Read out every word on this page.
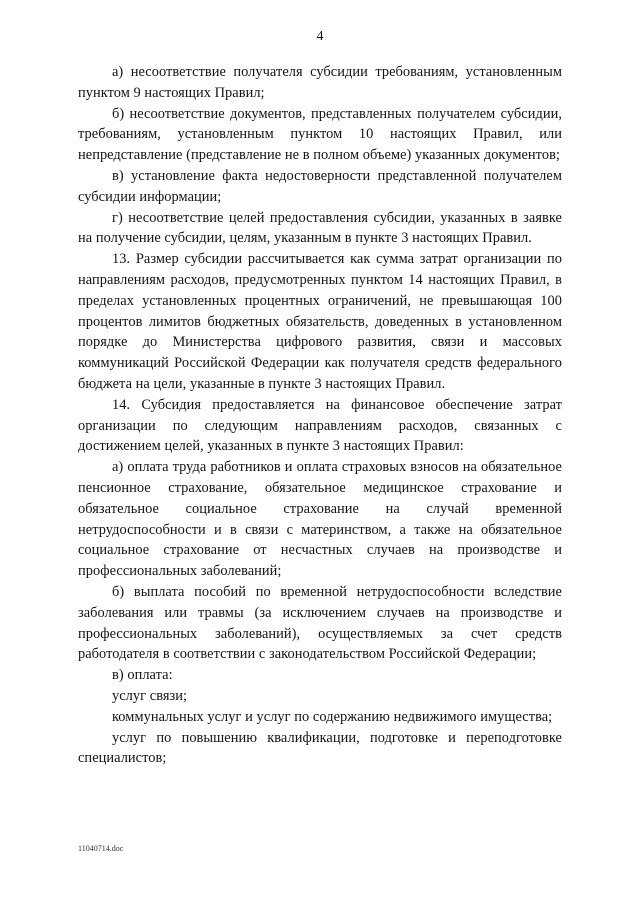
4

а) несоответствие получателя субсидии требованиям, установленным пунктом 9 настоящих Правил;

б) несоответствие документов, представленных получателем субсидии, требованиям, установленным пунктом 10 настоящих Правил, или непредставление (представление не в полном объеме) указанных документов;

в) установление факта недостоверности представленной получателем субсидии информации;

г) несоответствие целей предоставления субсидии, указанных в заявке на получение субсидии, целям, указанным в пункте 3 настоящих Правил.

13. Размер субсидии рассчитывается как сумма затрат организации по направлениям расходов, предусмотренных пунктом 14 настоящих Правил, в пределах установленных процентных ограничений, не превышающая 100 процентов лимитов бюджетных обязательств, доведенных в установленном порядке до Министерства цифрового развития, связи и массовых коммуникаций Российской Федерации как получателя средств федерального бюджета на цели, указанные в пункте 3 настоящих Правил.

14. Субсидия предоставляется на финансовое обеспечение затрат организации по следующим направлениям расходов, связанных с достижением целей, указанных в пункте 3 настоящих Правил:

а) оплата труда работников и оплата страховых взносов на обязательное пенсионное страхование, обязательное медицинское страхование и обязательное социальное страхование на случай временной нетрудоспособности и в связи с материнством, а также на обязательное социальное страхование от несчастных случаев на производстве и профессиональных заболеваний;

б) выплата пособий по временной нетрудоспособности вследствие заболевания или травмы (за исключением случаев на производстве и профессиональных заболеваний), осуществляемых за счет средств работодателя в соответствии с законодательством Российской Федерации;

в) оплата:

услуг связи;

коммунальных услуг и услуг по содержанию недвижимого имущества;

услуг по повышению квалификации, подготовке и переподготовке специалистов;

11040714.doc
